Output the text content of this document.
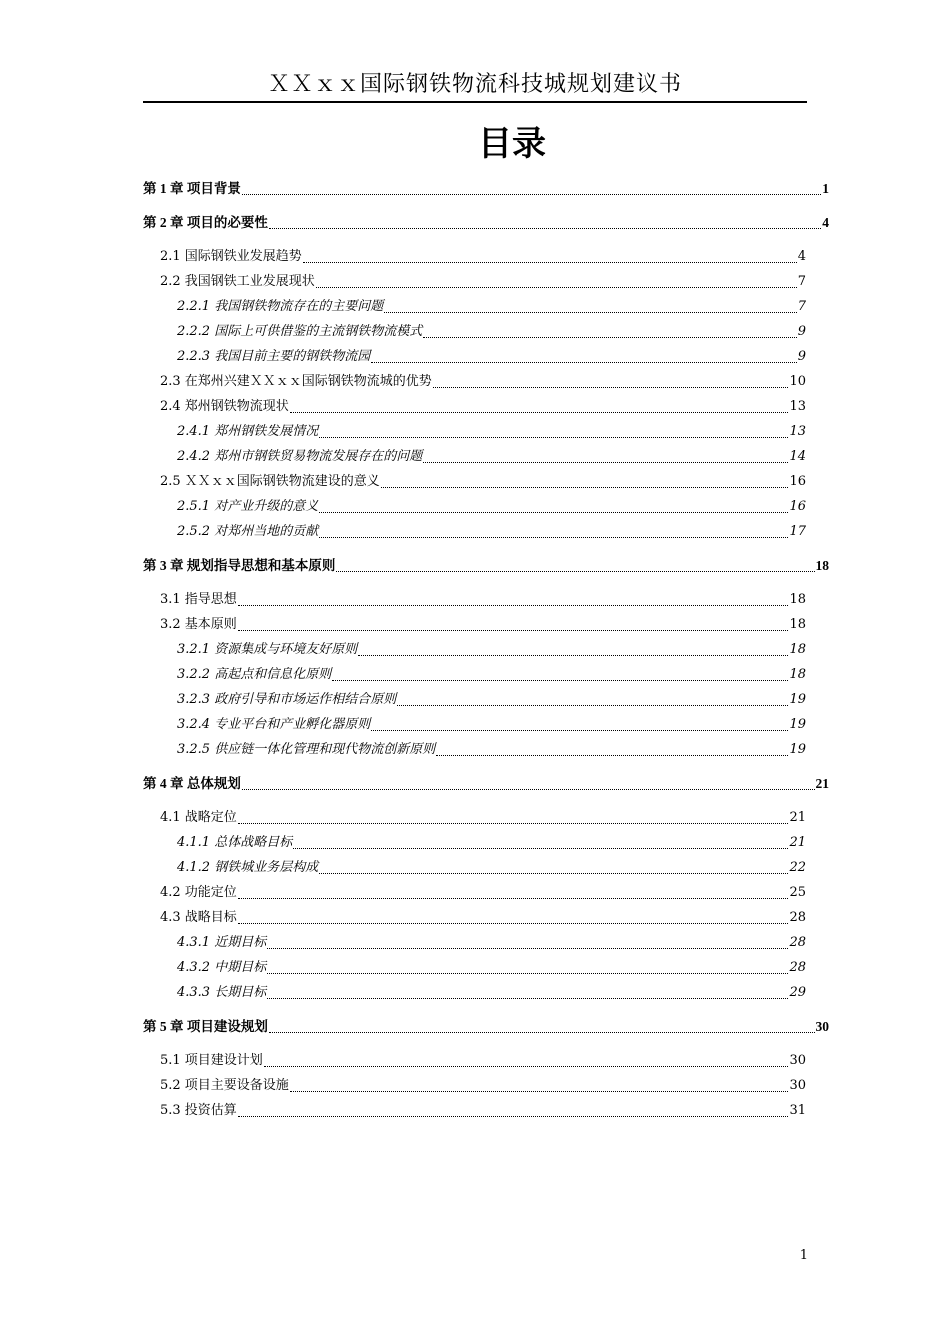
ＸＸｘｘ国际钢铁物流科技城规划建议书
目录
第 1 章 项目背景	1
第 2 章 项目的必要性	4
2.1 国际钢铁业发展趋势	4
2.2 我国钢铁工业发展现状	7
2.2.1 我国钢铁物流存在的主要问题	7
2.2.2 国际上可供借鉴的主流钢铁物流模式	9
2.2.3 我国目前主要的钢铁物流园	9
2.3 在郑州兴建ＸＸｘｘ国际钢铁物流城的优势	10
2.4 郑州钢铁物流现状	13
2.4.1 郑州钢铁发展情况	13
2.4.2 郑州市钢铁贸易物流发展存在的问题	14
2.5 ＸＸｘｘ国际钢铁物流建设的意义	16
2.5.1 对产业升级的意义	16
2.5.2 对郑州当地的贡献	17
第 3 章 规划指导思想和基本原则	18
3.1 指导思想	18
3.2 基本原则	18
3.2.1 资源集成与环境友好原则	18
3.2.2 高起点和信息化原则	18
3.2.3 政府引导和市场运作相结合原则	19
3.2.4 专业平台和产业孵化器原则	19
3.2.5 供应链一体化管理和现代物流创新原则	19
第 4 章 总体规划	21
4.1 战略定位	21
4.1.1 总体战略目标	21
4.1.2 钢铁城业务层构成	22
4.2 功能定位	25
4.3 战略目标	28
4.3.1 近期目标	28
4.3.2 中期目标	28
4.3.3 长期目标	29
第 5 章 项目建设规划	30
5.1 项目建设计划	30
5.2 项目主要设备设施	30
5.3 投资估算	31
1
